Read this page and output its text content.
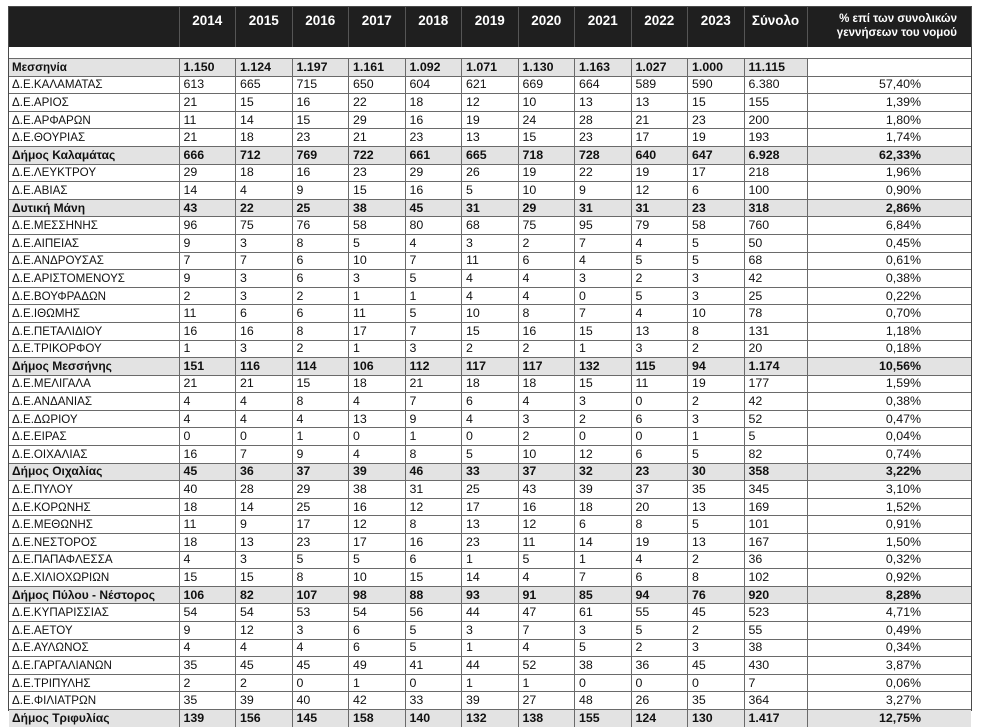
	2014	2015	2016	2017	2018	2019	2020	2021	2022	2023	Σύνολο	% επί των συνολικών
γεννήσεων του νομού

Μεσσηνία	1.150	1.124	1.197	1.161	1.092	1.071	1.130	1.163	1.027	1.000	11.115	
Δ.Ε.ΚΑΛΑΜΑΤΑΣ	613	665	715	650	604	621	669	664	589	590	6.380	57,40%
Δ.Ε.ΑΡΙΟΣ	21	15	16	22	18	12	10	13	13	15	155	1,39%
Δ.Ε.ΑΡΦΑΡΩΝ	11	14	15	29	16	19	24	28	21	23	200	1,80%
Δ.Ε.ΘΟΥΡΙΑΣ	21	18	23	21	23	13	15	23	17	19	193	1,74%
Δήμος Καλαμάτας	666	712	769	722	661	665	718	728	640	647	6.928	62,33%
Δ.Ε.ΛΕΥΚΤΡΟΥ	29	18	16	23	29	26	19	22	19	17	218	1,96%
Δ.Ε.ΑΒΙΑΣ	14	4	9	15	16	5	10	9	12	6	100	0,90%
Δυτική Μάνη	43	22	25	38	45	31	29	31	31	23	318	2,86%
Δ.Ε.ΜΕΣΣΗΝΗΣ	96	75	76	58	80	68	75	95	79	58	760	6,84%
Δ.Ε.ΑΙΠΕΙΑΣ	9	3	8	5	4	3	2	7	4	5	50	0,45%
Δ.Ε.ΑΝΔΡΟΥΣΑΣ	7	7	6	10	7	11	6	4	5	5	68	0,61%
Δ.Ε.ΑΡΙΣΤΟΜΕΝΟΥΣ	9	3	6	3	5	4	4	3	2	3	42	0,38%
Δ.Ε.ΒΟΥΦΡΑΔΩΝ	2	3	2	1	1	4	4	0	5	3	25	0,22%
Δ.Ε.ΙΘΩΜΗΣ	11	6	6	11	5	10	8	7	4	10	78	0,70%
Δ.Ε.ΠΕΤΑΛΙΔΙΟΥ	16	16	8	17	7	15	16	15	13	8	131	1,18%
Δ.Ε.ΤΡΙΚΟΡΦΟΥ	1	3	2	1	3	2	2	1	3	2	20	0,18%
Δήμος Μεσσήνης	151	116	114	106	112	117	117	132	115	94	1.174	10,56%
Δ.Ε.ΜΕΛΙΓΑΛΑ	21	21	15	18	21	18	18	15	11	19	177	1,59%
Δ.Ε.ΑΝΔΑΝΙΑΣ	4	4	8	4	7	6	4	3	0	2	42	0,38%
Δ.Ε.ΔΩΡΙΟΥ	4	4	4	13	9	4	3	2	6	3	52	0,47%
Δ.Ε.ΕΙΡΑΣ	0	0	1	0	1	0	2	0	0	1	5	0,04%
Δ.Ε.ΟΙΧΑΛΙΑΣ	16	7	9	4	8	5	10	12	6	5	82	0,74%
Δήμος Οιχαλίας	45	36	37	39	46	33	37	32	23	30	358	3,22%
Δ.Ε.ΠΥΛΟΥ	40	28	29	38	31	25	43	39	37	35	345	3,10%
Δ.Ε.ΚΟΡΩΝΗΣ	18	14	25	16	12	17	16	18	20	13	169	1,52%
Δ.Ε.ΜΕΘΩΝΗΣ	11	9	17	12	8	13	12	6	8	5	101	0,91%
Δ.Ε.ΝΕΣΤΟΡΟΣ	18	13	23	17	16	23	11	14	19	13	167	1,50%
Δ.Ε.ΠΑΠΑΦΛΕΣΣΑ	4	3	5	5	6	1	5	1	4	2	36	0,32%
Δ.Ε.ΧΙΛΙΟΧΩΡΙΩΝ	15	15	8	10	15	14	4	7	6	8	102	0,92%
Δήμος Πύλου - Νέστορος	106	82	107	98	88	93	91	85	94	76	920	8,28%
Δ.Ε.ΚΥΠΑΡΙΣΣΙΑΣ	54	54	53	54	56	44	47	61	55	45	523	4,71%
Δ.Ε.ΑΕΤΟΥ	9	12	3	6	5	3	7	3	5	2	55	0,49%
Δ.Ε.ΑΥΛΩΝΟΣ	4	4	4	6	5	1	4	5	2	3	38	0,34%
Δ.Ε.ΓΑΡΓΑΛΙΑΝΩΝ	35	45	45	49	41	44	52	38	36	45	430	3,87%
Δ.Ε.ΤΡΙΠΥΛΗΣ	2	2	0	1	0	1	1	0	0	0	7	0,06%
Δ.Ε.ΦΙΛΙΑΤΡΩΝ	35	39	40	42	33	39	27	48	26	35	364	3,27%
Δήμος Τριφυλίας	139	156	145	158	140	132	138	155	124	130	1.417	12,75%
